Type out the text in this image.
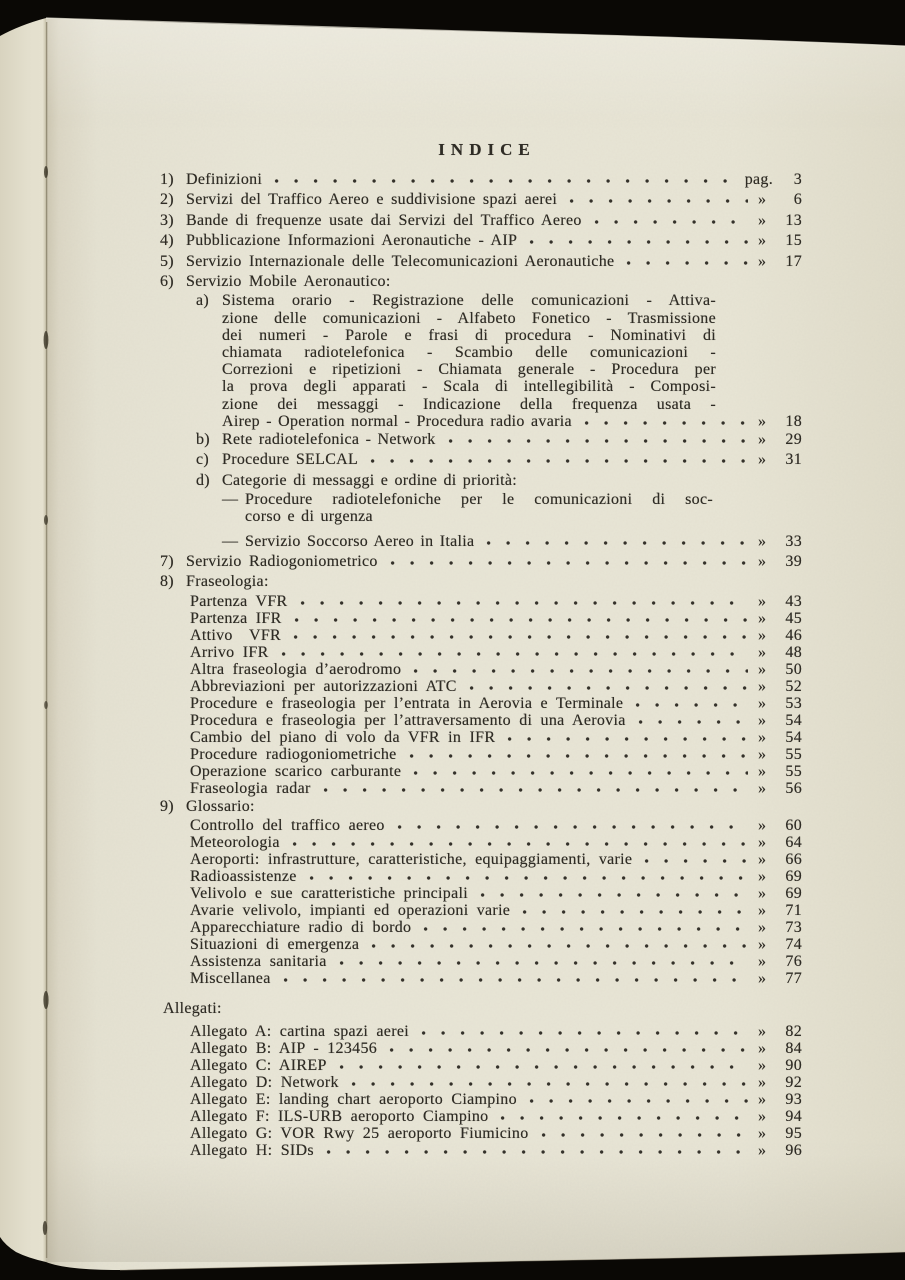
INDICE
1) Definizioni	pag.	3
2) Servizi del Traffico Aereo e suddivisione spazi aerei	»	6
3) Bande di frequenze usate dai Servizi del Traffico Aereo	» 13
4) Pubblicazione Informazioni Aeronautiche - AIP	» 15
5) Servizio Internazionale delle Telecomunicazioni Aeronautiche	» 17
6) Servizio Mobile Aeronautico:
a) Sistema orario - Registrazione delle comunicazioni - Attiva-
zione delle comunicazioni - Alfabeto Fonetico - Trasmissione
dei numeri - Parole e frasi di procedura - Nominativi di
chiamata radiotelefonica - Scambio delle comunicazioni -
Correzioni e ripetizioni - Chiamata generale - Procedura per
la prova degli apparati - Scala di intellegibilità - Composi-
zione dei messaggi - Indicazione della frequenza usata -
Airep - Operation normal - Procedura radio avaria	» 18
b) Rete radiotelefonica - Network	» 29
c) Procedure SELCAL	» 31
d) Categorie di messaggi e ordine di priorità:
— Procedure radiotelefoniche per le comunicazioni di soc-
corso e di urgenza
— Servizio Soccorso Aereo in Italia	» 33
7) Servizio Radiogoniometrico	» 39
8) Fraseologia:
Partenza VFR	» 43
Partenza IFR	» 45
Attivo  VFR	» 46
Arrivo IFR	» 48
Altra fraseologia d’aerodromo	» 50
Abbreviazioni per autorizzazioni ATC	» 52
Procedure e fraseologia per l’entrata in Aerovia e Terminale	» 53
Procedura e fraseologia per l’attraversamento di una Aerovia	» 54
Cambio del piano di volo da VFR in IFR	» 54
Procedure radiogoniometriche	» 55
Operazione scarico carburante	» 55
Fraseologia radar	» 56
9) Glossario:
Controllo del traffico aereo	» 60
Meteorologia	» 64
Aeroporti: infrastrutture, caratteristiche, equipaggiamenti, varie	» 66
Radioassistenze	» 69
Velivolo e sue caratteristiche principali	» 69
Avarie velivolo, impianti ed operazioni varie	» 71
Apparecchiature radio di bordo	» 73
Situazioni di emergenza	» 74
Assistenza sanitaria	» 76
Miscellanea	» 77
Allegati:
Allegato A: cartina spazi aerei	» 82
Allegato B: AIP - 123456	» 84
Allegato C: AIREP	» 90
Allegato D: Network	» 92
Allegato E: landing chart aeroporto Ciampino	» 93
Allegato F: ILS-URB aeroporto Ciampino	» 94
Allegato G: VOR Rwy 25 aeroporto Fiumicino	» 95
Allegato H: SIDs	» 96
